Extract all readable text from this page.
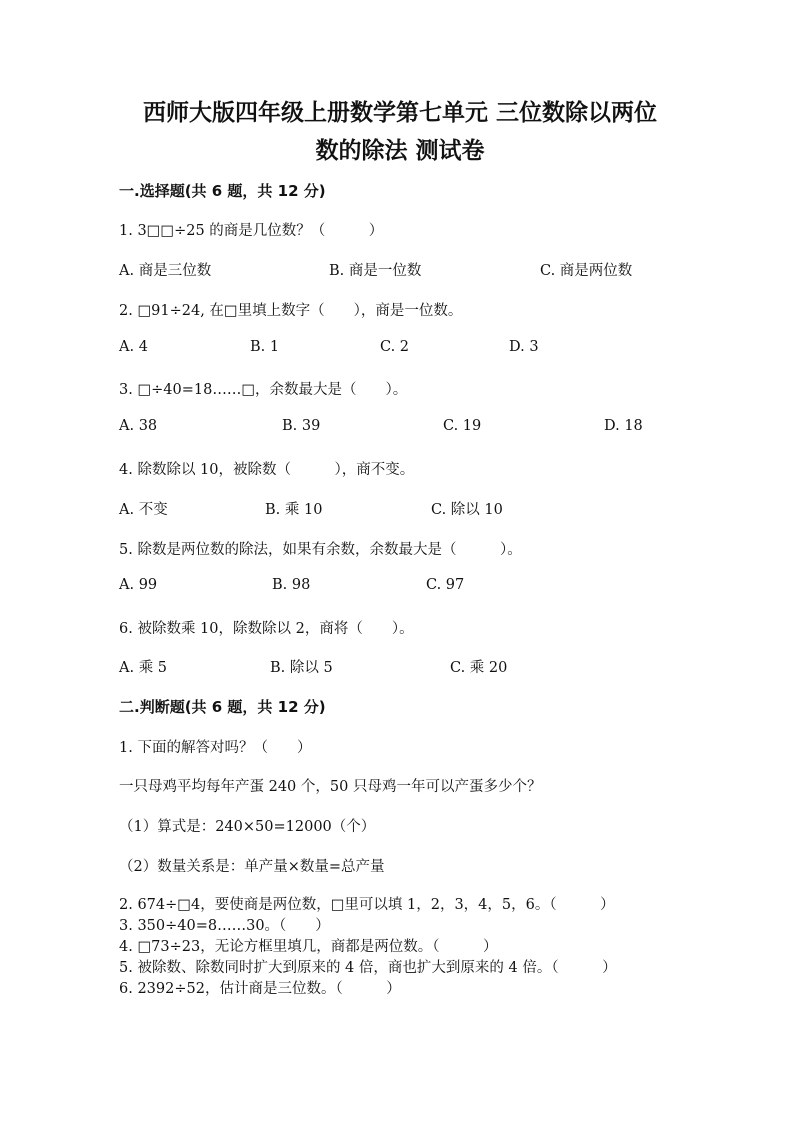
西师大版四年级上册数学第七单元 三位数除以两位
数的除法 测试卷
一.选择题(共 6 题，共 12 分)
1. 3□□÷25 的商是几位数？（　　　）
A. 商是三位数	B. 商是一位数	C. 商是两位数
2. □91÷24, 在□里填上数字（　　），商是一位数。
A. 4	B. 1	C. 2	D. 3
3. □÷40=18……□，余数最大是（　　）。
A. 38	B. 39	C. 19	D. 18
4. 除数除以 10，被除数（　　　），商不变。
A. 不变	B. 乘 10	C. 除以 10
5. 除数是两位数的除法，如果有余数，余数最大是（　　　）。
A. 99	B. 98	C. 97
6. 被除数乘 10，除数除以 2，商将（　　）。
A. 乘 5	B. 除以 5	C. 乘 20
二.判断题(共 6 题，共 12 分)
1. 下面的解答对吗？（　　）
一只母鸡平均每年产蛋 240 个，50 只母鸡一年可以产蛋多少个？
（1）算式是：240×50=12000（个）
（2）数量关系是：单产量×数量=总产量
2. 674÷□4，要使商是两位数，□里可以填 1，2，3，4，5，6。（　　　）
3. 350÷40=8……30。（　　）
4. □73÷23，无论方框里填几，商都是两位数。（　　　）
5. 被除数、除数同时扩大到原来的 4 倍，商也扩大到原来的 4 倍。（　　　）
6. 2392÷52，估计商是三位数。（　　　）
